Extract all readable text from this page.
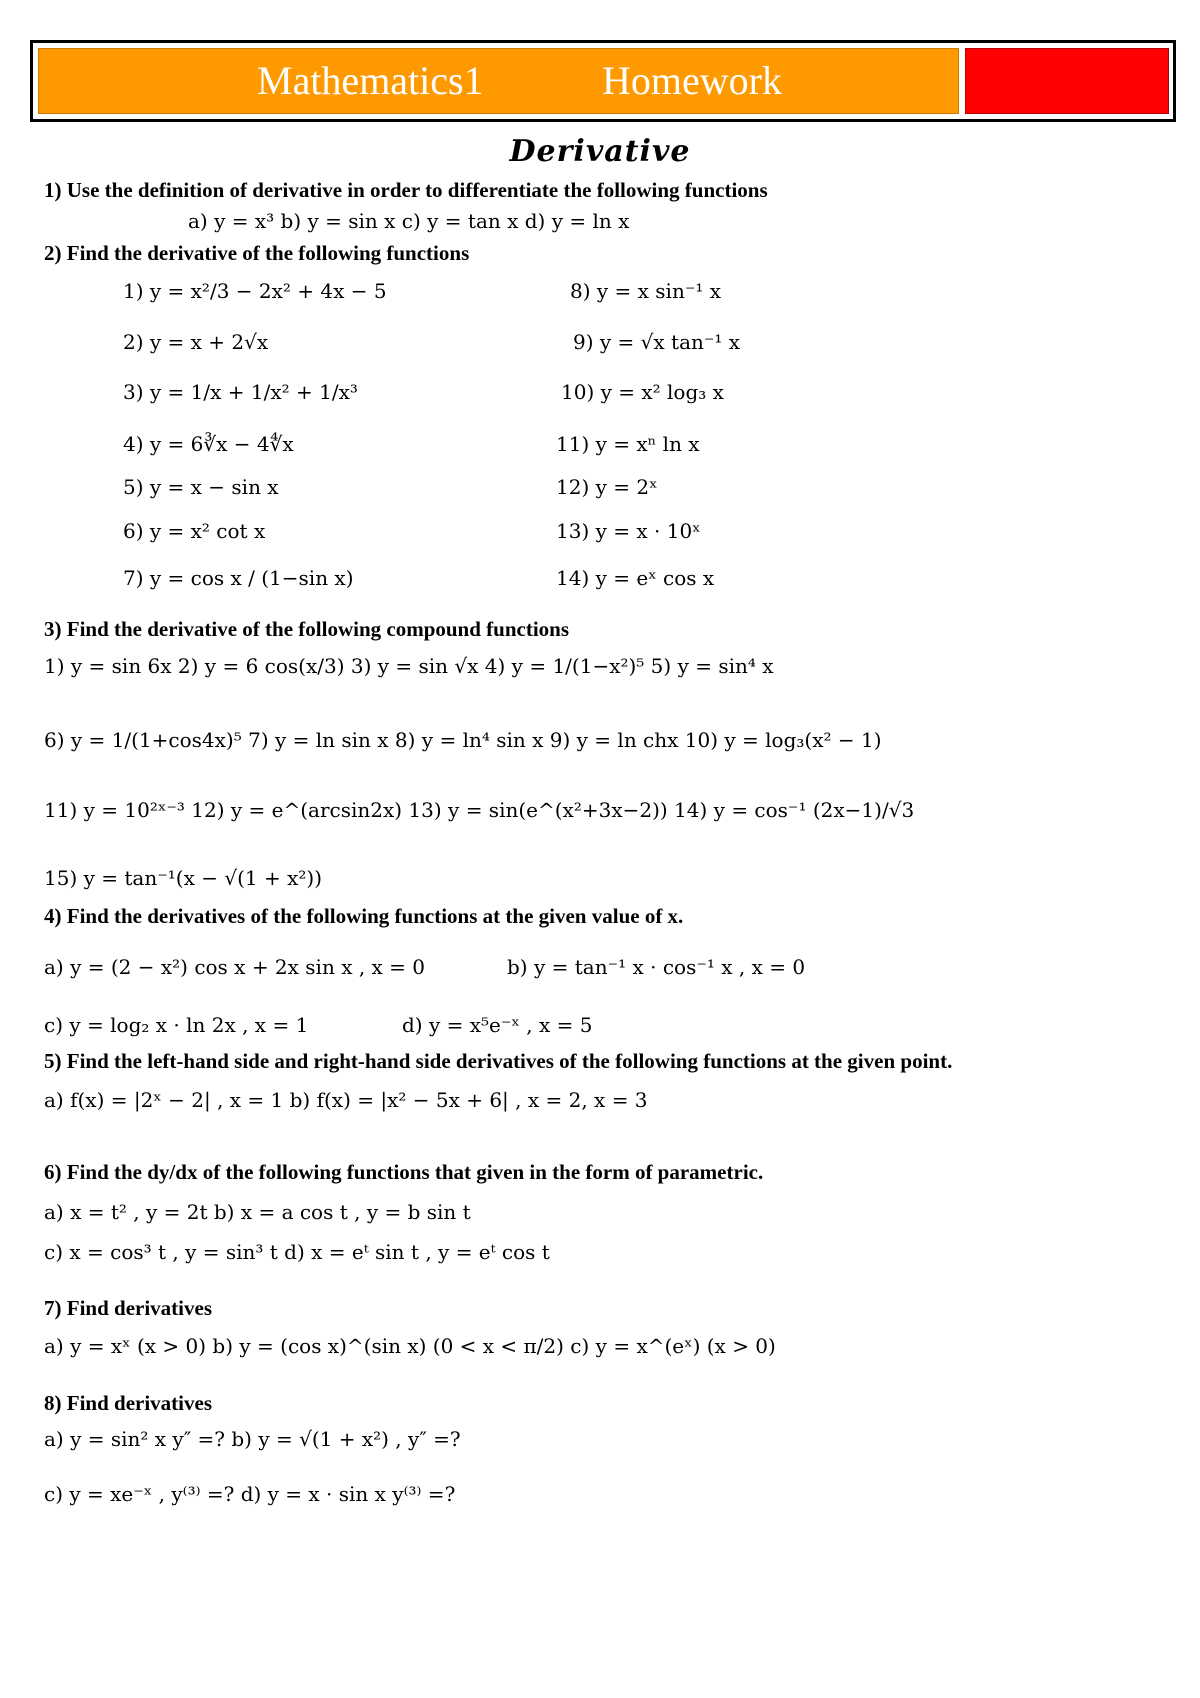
Mathematics1	Homework
Derivative
1) Use the definition of derivative in order to differentiate the following functions
a) y = x³ b) y = sin x c) y = tan x d) y = ln x
2) Find the derivative of the following functions
1) y = x²/3 − 2x² + 4x − 5	8) y = x sin⁻¹ x
2) y = x + 2√x	9) y = √x tan⁻¹ x
3) y = 1/x + 1/x² + 1/x³	10) y = x² log₃ x
4) y = 6∛x − 4∜x	11) y = xⁿ ln x
5) y = x − sin x	12) y = 2ˣ
6) y = x² cot x	13) y = x · 10ˣ
7) y = cos x / (1−sin x)	14) y = eˣ cos x
3) Find the derivative of the following compound functions
1) y = sin 6x 2) y = 6 cos(x/3) 3) y = sin √x 4) y = 1/(1−x²)⁵ 5) y = sin⁴ x
6) y = 1/(1+cos4x)⁵ 7) y = ln sin x 8) y = ln⁴ sin x 9) y = ln chx 10) y = log₃(x² − 1)
11) y = 10²ˣ⁻³ 12) y = e^(arcsin2x) 13) y = sin(e^(x²+3x−2)) 14) y = cos⁻¹ (2x−1)/√3
15) y = tan⁻¹(x − √(1 + x²))
4) Find the derivatives of the following functions at the given value of x.
a) y = (2 − x²) cos x + 2x sin x , x = 0	b) y = tan⁻¹ x · cos⁻¹ x , x = 0
c) y = log₂ x · ln 2x , x = 1	d) y = x⁵e⁻ˣ , x = 5
5) Find the left-hand side and right-hand side derivatives of the following functions at the given point.
a) f(x) = |2ˣ − 2| , x = 1 b) f(x) = |x² − 5x + 6| , x = 2, x = 3
6) Find the dy/dx of the following functions that given in the form of parametric.
a) x = t² , y = 2t b) x = a cos t , y = b sin t
c) x = cos³ t , y = sin³ t d) x = eᵗ sin t , y = eᵗ cos t
7) Find derivatives
a) y = xˣ (x > 0) b) y = (cos x)^(sin x) (0 < x < π/2) c) y = x^(eˣ) (x > 0)
8) Find derivatives
a) y = sin² x y″ =? b) y = √(1 + x²) , y″ =?
c) y = xe⁻ˣ , y⁽³⁾ =? d) y = x · sin x y⁽³⁾ =?
